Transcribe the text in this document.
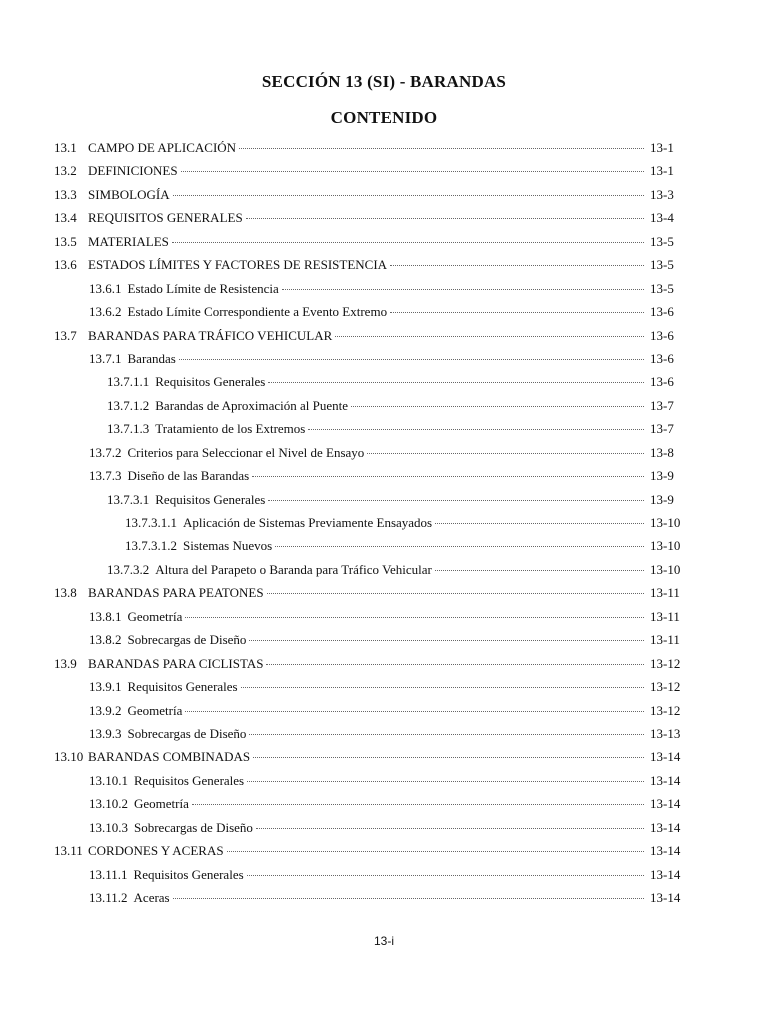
SECCIÓN 13 (SI) - BARANDAS
CONTENIDO
13.1 CAMPO DE APLICACIÓN	13-1
13.2 DEFINICIONES	13-1
13.3 SIMBOLOGÍA	13-3
13.4 REQUISITOS GENERALES	13-4
13.5 MATERIALES	13-5
13.6 ESTADOS LÍMITES Y FACTORES DE RESISTENCIA	13-5
13.6.1 Estado Límite de Resistencia	13-5
13.6.2 Estado Límite Correspondiente a Evento Extremo	13-6
13.7 BARANDAS PARA TRÁFICO VEHICULAR	13-6
13.7.1 Barandas	13-6
13.7.1.1 Requisitos Generales	13-6
13.7.1.2 Barandas de Aproximación al Puente	13-7
13.7.1.3 Tratamiento de los Extremos	13-7
13.7.2 Criterios para Seleccionar el Nivel de Ensayo	13-8
13.7.3 Diseño de las Barandas	13-9
13.7.3.1 Requisitos Generales	13-9
13.7.3.1.1 Aplicación de Sistemas Previamente Ensayados	13-10
13.7.3.1.2 Sistemas Nuevos	13-10
13.7.3.2 Altura del Parapeto o Baranda para Tráfico Vehicular	13-10
13.8 BARANDAS PARA PEATONES	13-11
13.8.1 Geometría	13-11
13.8.2 Sobrecargas de Diseño	13-11
13.9 BARANDAS PARA CICLISTAS	13-12
13.9.1 Requisitos Generales	13-12
13.9.2 Geometría	13-12
13.9.3 Sobrecargas de Diseño	13-13
13.10 BARANDAS COMBINADAS	13-14
13.10.1 Requisitos Generales	13-14
13.10.2 Geometría	13-14
13.10.3 Sobrecargas de Diseño	13-14
13.11 CORDONES Y ACERAS	13-14
13.11.1 Requisitos Generales	13-14
13.11.2 Aceras	13-14
13-i
